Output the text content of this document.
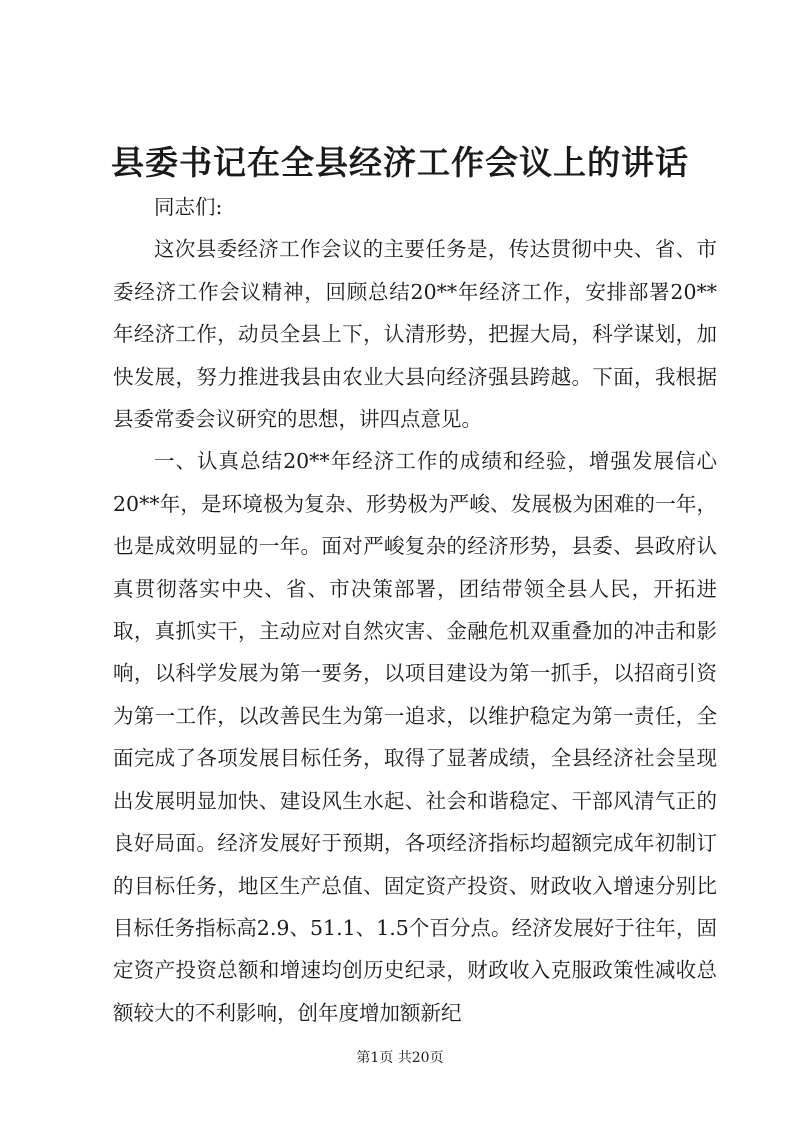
县委书记在全县经济工作会议上的讲话

同志们:

这次县委经济工作会议的主要任务是，传达贯彻中央、省、市委经济工作会议精神，回顾总结20**年经济工作，安排部署20**年经济工作，动员全县上下，认清形势，把握大局，科学谋划，加快发展，努力推进我县由农业大县向经济强县跨越。下面，我根据县委常委会议研究的思想，讲四点意见。

一、认真总结20**年经济工作的成绩和经验，增强发展信心20**年，是环境极为复杂、形势极为严峻、发展极为困难的一年，也是成效明显的一年。面对严峻复杂的经济形势，县委、县政府认真贯彻落实中央、省、市决策部署，团结带领全县人民，开拓进取，真抓实干，主动应对自然灾害、金融危机双重叠加的冲击和影响，以科学发展为第一要务，以项目建设为第一抓手，以招商引资为第一工作，以改善民生为第一追求，以维护稳定为第一责任，全面完成了各项发展目标任务，取得了显著成绩，全县经济社会呈现出发展明显加快、建设风生水起、社会和谐稳定、干部风清气正的良好局面。经济发展好于预期，各项经济指标均超额完成年初制订的目标任务，地区生产总值、固定资产投资、财政收入增速分别比目标任务指标高2.9、51.1、1.5个百分点。经济发展好于往年，固定资产投资总额和增速均创历史纪录，财政收入克服政策性减收总额较大的不利影响，创年度增加额新纪

第1页 共20页
